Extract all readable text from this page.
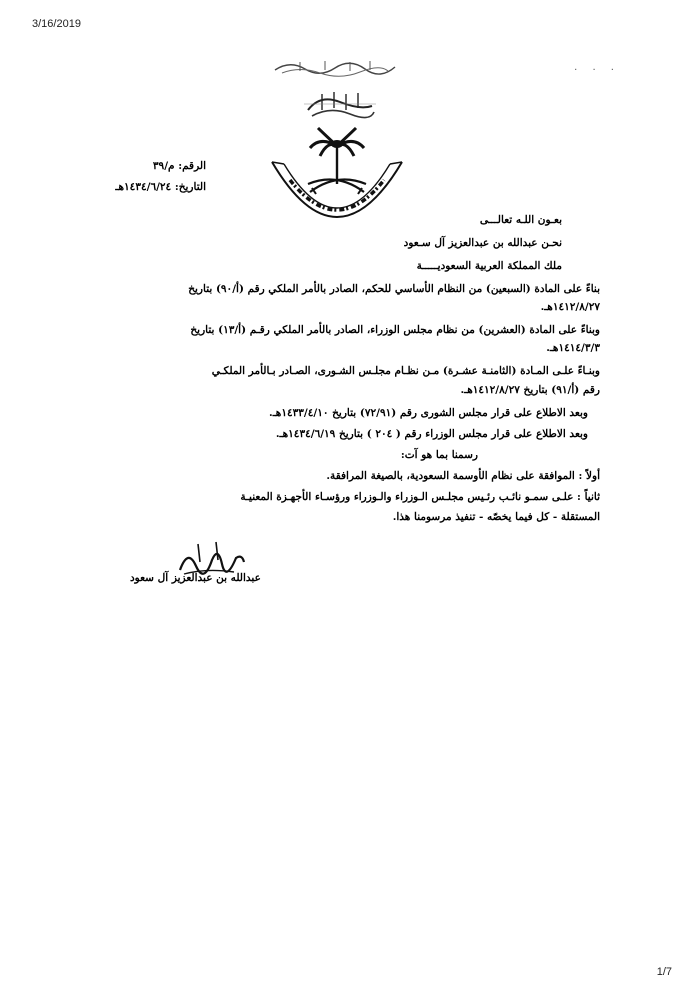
3/16/2019
. . .
الرقم: م/٣٩
التاريخ: ١٤٣٤/٦/٢٤هـ
بعـون اللـه تعالـــى
نحـن عبدالله بن عبدالعزيز آل سـعود
ملك المملكة العربية السعوديـــــة
بناءً على المادة (السبعين) من النظام الأساسي للحكم، الصادر بالأمر الملكي رقم (أ/٩٠) بتاريخ
١٤١٢/٨/٢٧هـ.
وبناءً على المادة (العشرين) من نظام مجلس الوزراء، الصادر بالأمر الملكي رقـم (أ/١٣) بتاريخ
١٤١٤/٣/٣هـ.
وبنـاءً علـى المـادة (الثامنـة عشـرة) مـن نظـام مجلـس الشـورى، الصـادر بـالأمر الملكـي
رقم (أ/٩١) بتاريخ ١٤١٢/٨/٢٧هـ.
وبعد الاطلاع على قرار مجلس الشورى رقم (٧٢/٩١) بتاريخ ١٤٣٣/٤/١٠هـ.
وبعد الاطلاع على قرار مجلس الوزراء رقم ( ٢٠٤ ) بتاريخ ١٤٣٤/٦/١٩هـ.
رسمنا بما هو آت:
أولاً : الموافقة على نظام الأوسمة السعودية، بالصيغة المرافقة.
ثانياً : علـى سمـو نائـب رئـيس مجلـس الـوزراء والـوزراء ورؤسـاء الأجهـزة المعنيـة
المستقلة - كل فيما يخصّه - تنفيذ مرسومنا هذا.
عبدالله بن عبدالعزيز آل سعود
1/7
